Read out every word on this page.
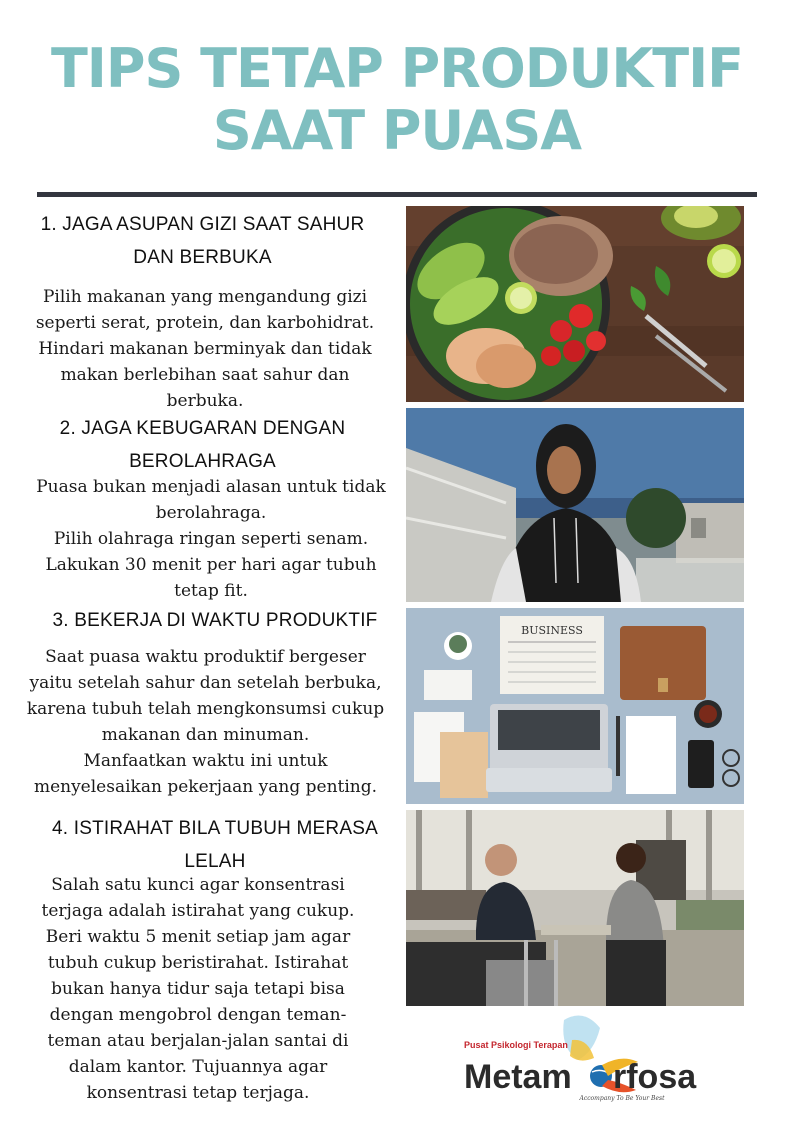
TIPS TETAP PRODUKTIF
SAAT PUASA
1. JAGA ASUPAN GIZI SAAT SAHUR
DAN BERBUKA
Pilih makanan yang mengandung gizi
seperti serat, protein, dan karbohidrat.
Hindari makanan berminyak dan tidak
makan berlebihan saat sahur dan
berbuka.
2. JAGA KEBUGARAN DENGAN
BEROLAHRAGA
Puasa bukan menjadi alasan untuk tidak
berolahraga.
Pilih olahraga ringan seperti senam.
Lakukan 30 menit per hari agar tubuh
tetap fit.
3. BEKERJA DI WAKTU PRODUKTIF
Saat puasa waktu produktif bergeser
yaitu setelah sahur dan setelah berbuka,
karena tubuh telah mengkonsumsi cukup
makanan dan minuman.
Manfaatkan waktu ini untuk
menyelesaikan pekerjaan yang penting.
BUSINESS
4. ISTIRAHAT BILA TUBUH MERASA
LELAH
Salah satu kunci agar konsentrasi
terjaga adalah istirahat yang cukup.
Beri waktu 5 menit setiap jam agar
tubuh cukup beristirahat. Istirahat
bukan hanya tidur saja tetapi bisa
dengan mengobrol dengan teman-
teman atau berjalan-jalan santai di
dalam kantor. Tujuannya agar
konsentrasi tetap terjaga.
Pusat Psikologi Terapan
Metam rfosa
Accompany To Be Your Best
